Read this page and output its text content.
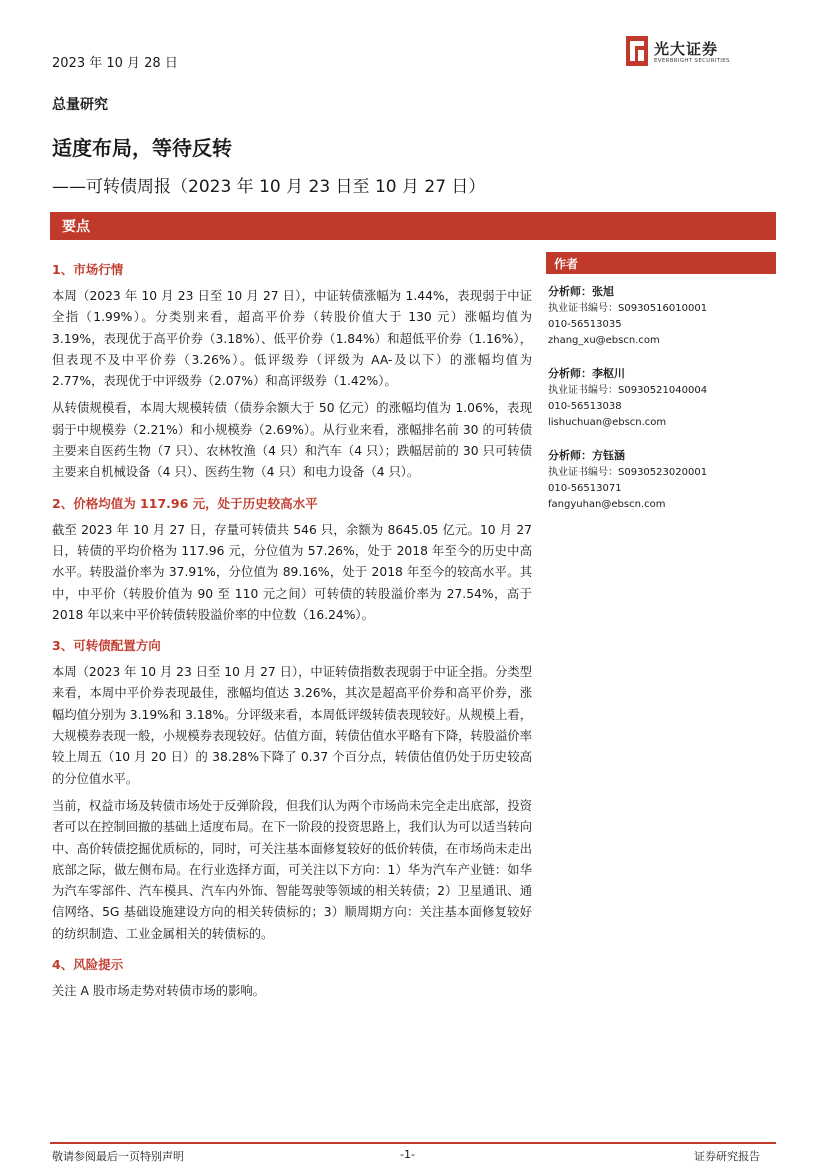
2023 年 10 月 28 日
光大证券
EVERBRIGHT SECURITIES
总量研究
适度布局，等待反转
——可转债周报（2023 年 10 月 23 日至 10 月 27 日）
要点
1、市场行情

本周（2023 年 10 月 23 日至 10 月 27 日），中证转债涨幅为 1.44%，表现弱于中证全指（1.99%）。分类别来看，超高平价券（转股价值大于 130 元）涨幅均值为 3.19%，表现优于高平价券（3.18%）、低平价券（1.84%）和超低平价券（1.16%），但表现不及中平价券（3.26%）。低评级券（评级为 AA-及以下）的涨幅均值为 2.77%，表现优于中评级券（2.07%）和高评级券（1.42%）。

从转债规模看，本周大规模转债（债券余额大于 50 亿元）的涨幅均值为 1.06%，表现弱于中规模券（2.21%）和小规模券（2.69%）。从行业来看，涨幅排名前 30 的可转债主要来自医药生物（7 只）、农林牧渔（4 只）和汽车（4 只）；跌幅居前的 30 只可转债主要来自机械设备（4 只）、医药生物（4 只）和电力设备（4 只）。

2、价格均值为 117.96 元，处于历史较高水平

截至 2023 年 10 月 27 日，存量可转债共 546 只，余额为 8645.05 亿元。10 月 27 日，转债的平均价格为 117.96 元，分位值为 57.26%，处于 2018 年至今的历史中高水平。转股溢价率为 37.91%，分位值为 89.16%，处于 2018 年至今的较高水平。其中，中平价（转股价值为 90 至 110 元之间）可转债的转股溢价率为 27.54%，高于 2018 年以来中平价转债转股溢价率的中位数（16.24%）。

3、可转债配置方向

本周（2023 年 10 月 23 日至 10 月 27 日），中证转债指数表现弱于中证全指。分类型来看，本周中平价券表现最佳，涨幅均值达 3.26%，其次是超高平价券和高平价券，涨幅均值分别为 3.19%和 3.18%。分评级来看，本周低评级转债表现较好。从规模上看，大规模券表现一般，小规模券表现较好。估值方面，转债估值水平略有下降，转股溢价率较上周五（10 月 20 日）的 38.28%下降了 0.37 个百分点，转债估值仍处于历史较高的分位值水平。

当前，权益市场及转债市场处于反弹阶段，但我们认为两个市场尚未完全走出底部，投资者可以在控制回撤的基础上适度布局。在下一阶段的投资思路上，我们认为可以适当转向中、高价转债挖掘优质标的，同时，可关注基本面修复较好的低价转债，在市场尚未走出底部之际，做左侧布局。在行业选择方面，可关注以下方向：1）华为汽车产业链：如华为汽车零部件、汽车模具、汽车内外饰、智能驾驶等领域的相关转债；2）卫星通讯、通信网络、5G 基础设施建设方向的相关转债标的；3）顺周期方向：关注基本面修复较好的纺织制造、工业金属相关的转债标的。

4、风险提示

关注 A 股市场走势对转债市场的影响。

作者
分析师：张旭
执业证书编号：S0930516010001
010-56513035
zhang_xu@ebscn.com
分析师：李枢川
执业证书编号：S0930521040004
010-56513038
lishuchuan@ebscn.com
分析师：方钰涵
执业证书编号：S0930523020001
010-56513071
fangyuhan@ebscn.com
敬请参阅最后一页特别声明	-1-	证券研究报告
